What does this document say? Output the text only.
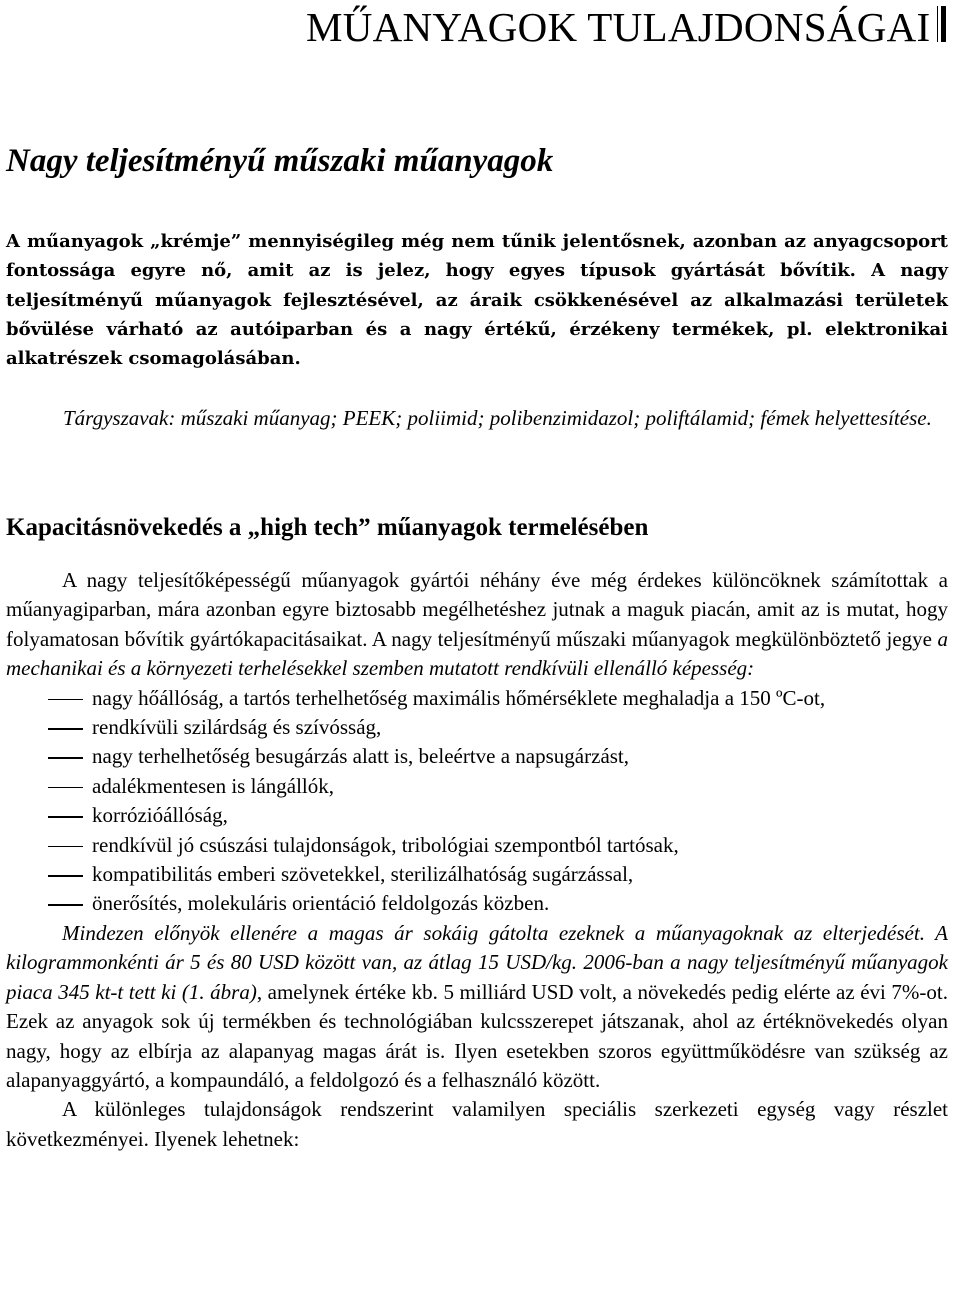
MŰANYAGOK TULAJDONSÁGAI
Nagy teljesítményű műszaki műanyagok

A műanyagok „krémje” mennyiségileg még nem tűnik jelentősnek, azonban az anyagcsoport fontossága egyre nő, amit az is jelez, hogy egyes típusok gyártását bővítik. A nagy teljesítményű műanyagok fejlesztésével, az áraik csökkenésével az alkalmazási területek bővülése várható az autóiparban és a nagy értékű, érzékeny termékek, pl. elektronikai alkatrészek csomagolásában.

Tárgyszavak: műszaki műanyag; PEEK; poliimid; polibenzimidazol; poliftálamid; fémek helyettesítése.

Kapacitásnövekedés a „high tech” műanyagok termelésében

A nagy teljesítőképességű műanyagok gyártói néhány éve még érdekes különcöknek számítottak a műanyagiparban, mára azonban egyre biztosabb megélhetéshez jutnak a maguk piacán, amit az is mutat, hogy folyamatosan bővítik gyártókapacitásaikat. A nagy teljesítményű műszaki műanyagok megkülönböztető jegye a mechanikai és a környezeti terhelésekkel szemben mutatott rendkívüli ellenálló képesség:

nagy hőállóság, a tartós terhelhetőség maximális hőmérséklete meghaladja a 150 ºC-ot,
rendkívüli szilárdság és szívósság,
nagy terhelhetőség besugárzás alatt is, beleértve a napsugárzást,
adalékmentesen is lángállók,
korrózióállóság,
rendkívül jó csúszási tulajdonságok, tribológiai szempontból tartósak,
kompatibilitás emberi szövetekkel, sterilizálhatóság sugárzással,
önerősítés, molekuláris orientáció feldolgozás közben.

Mindezen előnyök ellenére a magas ár sokáig gátolta ezeknek a műanyagoknak az elterjedését. A kilogrammonkénti ár 5 és 80 USD között van, az átlag 15 USD/kg. 2006-ban a nagy teljesítményű műanyagok piaca 345 kt-t tett ki (1. ábra), amelynek értéke kb. 5 milliárd USD volt, a növekedés pedig elérte az évi 7%-ot. Ezek az anyagok sok új termékben és technológiában kulcsszerepet játszanak, ahol az értéknövekedés olyan nagy, hogy az elbírja az alapanyag magas árát is. Ilyen esetekben szoros együttműködésre van szükség az alapanyaggyártó, a kompaundáló, a feldolgozó és a felhasználó között.

A különleges tulajdonságok rendszerint valamilyen speciális szerkezeti egység vagy részlet következményei. Ilyenek lehetnek:
